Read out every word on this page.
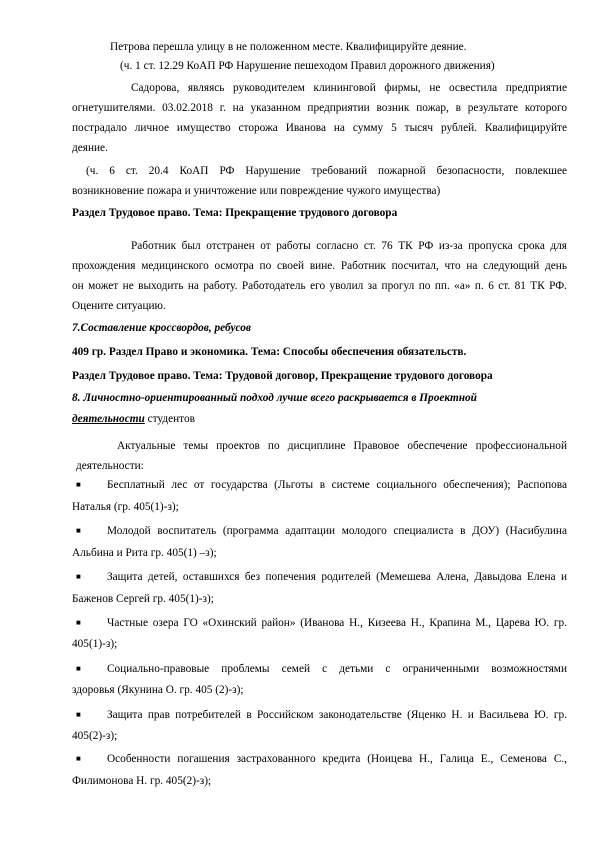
Петрова перешла улицу в не положенном месте. Квалифицируйте деяние.
(ч. 1 ст. 12.29 КоАП РФ Нарушение пешеходом Правил дорожного движения)
Садорова, являясь руководителем клининговой фирмы, не освестила предприятие
огнетушителями. 03.02.2018 г. на указанном предприятии возник пожар, в результате которого
пострадало личное имущество сторожа Иванова на сумму 5 тысяч рублей. Квалифицируйте
деяние.
(ч. 6 ст. 20.4 КоАП РФ Нарушение требований пожарной безопасности, повлекшее
возникновение пожара и уничтожение или повреждение чужого имущества)
Раздел Трудовое право. Тема: Прекращение трудового договора
Работник был отстранен от работы согласно ст. 76 ТК РФ из-за пропуска срока для
прохождения медицинского осмотра по своей вине. Работник посчитал, что на следующий день
он может не выходить на работу. Работодатель его уволил за прогул по пп. «а» п. 6 ст. 81 ТК РФ.
Оцените ситуацию.
7.Составление кроссвордов, ребусов
409 гр. Раздел Право и экономика. Тема: Способы обеспечения обязательств.
Раздел Трудовое право. Тема: Трудовой договор, Прекращение трудового договора
8. Личностно-ориентированный подход лучше всего раскрывается в Проектной
деятельности студентов
Актуальные темы проектов по дисциплине Правовое обеспечение профессиональной
деятельности:
■ Бесплатный лес от государства (Льготы в системе социального обеспечения); Распопова
Наталья (гр. 405(1)-з);
■ Молодой воспитатель (программа адаптации молодого специалиста в ДОУ) (Насибулина
Альбина и Рита гр. 405(1) –з);
■ Защита детей, оставшихся без попечения родителей (Мемешева Алена, Давыдова Елена и
Баженов Сергей гр. 405(1)-з);
■ Частные озера ГО «Охинский район» (Иванова Н., Кизеева Н., Крапина М., Царева Ю. гр.
405(1)-з);
■ Социально-правовые проблемы семей с детьми с ограниченными возможностями
здоровья (Якунина О. гр. 405 (2)-з);
■ Защита прав потребителей в Российском законодательстве (Яценко Н. и Васильева Ю. гр.
405(2)-з);
■ Особенности погашения застрахованного кредита (Ноицева Н., Галица Е., Семенова С.,
Филимонова Н. гр. 405(2)-з);
